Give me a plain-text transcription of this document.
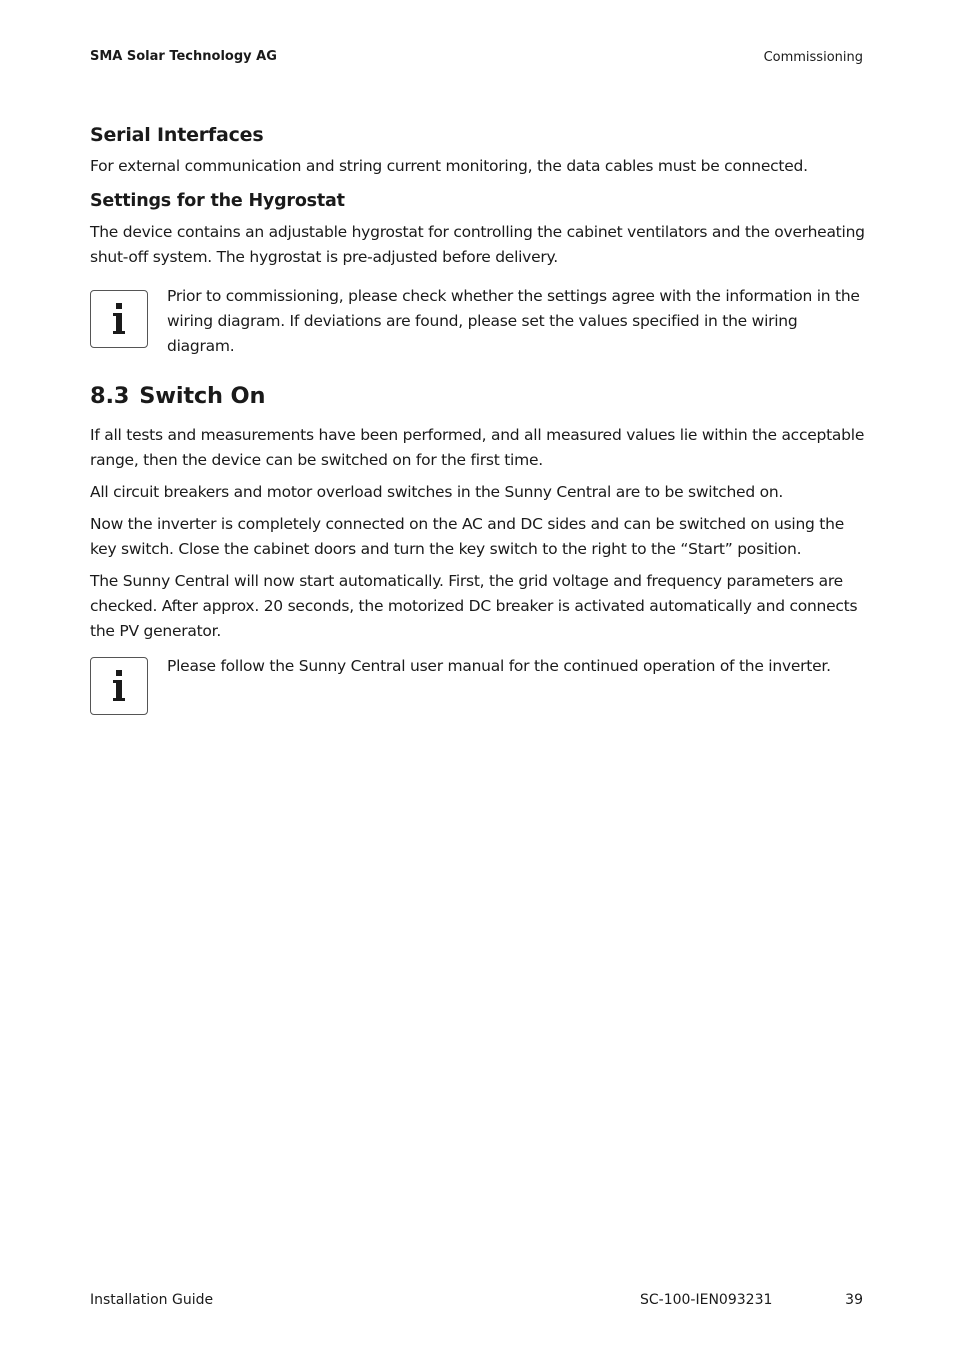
SMA Solar Technology AG	Commissioning
Serial Interfaces

For external communication and string current monitoring, the data cables must be connected.

Settings for the Hygrostat

The device contains an adjustable hygrostat for controlling the cabinet ventilators and the overheating shut-off system. The hygrostat is pre-adjusted before delivery.

Prior to commissioning, please check whether the settings agree with the information in the wiring diagram. If deviations are found, please set the values specified in the wiring diagram.

8.3 Switch On

If all tests and measurements have been performed, and all measured values lie within the acceptable range, then the device can be switched on for the first time.

All circuit breakers and motor overload switches in the Sunny Central are to be switched on.

Now the inverter is completely connected on the AC and DC sides and can be switched on using the key switch. Close the cabinet doors and turn the key switch to the right to the “Start” position.

The Sunny Central will now start automatically. First, the grid voltage and frequency parameters are checked. After approx. 20 seconds, the motorized DC breaker is activated automatically and connects the PV generator.

Please follow the Sunny Central user manual for the continued operation of the inverter.

Installation Guide	SC-100-IEN093231	39
